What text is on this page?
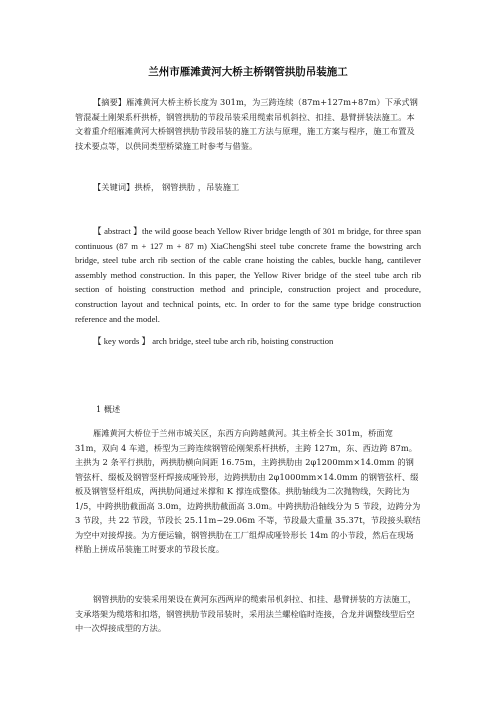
兰州市雁滩黄河大桥主桥钢管拱肋吊装施工

【摘要】雁滩黄河大桥主桥长度为 301m，为三跨连续（87m+127m+87m）下承式钢管混凝土刚架系杆拱桥，钢管拱肋的节段吊装采用缆索吊机斜拉、扣挂、悬臂拼装法施工。本文着重介绍雁滩黄河大桥钢管拱肋节段吊装的施工方法与原理，施工方案与程序，施工布置及技术要点等，以供同类型桥梁施工时参考与借鉴。

【关键词】拱桥， 钢管拱肋 ，吊装施工

【 abstract 】the wild goose beach Yellow River bridge length of 301 m bridge, for three span continuous (87 m + 127 m + 87 m) XiaChengShi steel tube concrete frame the bowstring arch bridge, steel tube arch rib section of the cable crane hoisting the cables, buckle hang, cantilever assembly method construction. In this paper, the Yellow River bridge of the steel tube arch rib section of hoisting construction method and principle, construction project and procedure, construction layout and technical points, etc. In order to for the same type bridge construction reference and the model.

【 key words 】 arch bridge, steel tube arch rib, hoisting construction

1 概述

雁滩黄河大桥位于兰州市城关区，东西方向跨越黄河。其主桥全长 301m，桥面宽 31m，双向 4 车道，桥型为三跨连续钢管砼刚架系杆拱桥，主跨 127m，东、西边跨 87m。主拱为 2 条平行拱肋，两拱肋横向间距 16.75m，主跨拱肋由 2φ1200mm×14.0mm 的钢管弦杆、缀板及钢管竖杆焊接成哑铃形，边跨拱肋由 2φ1000mm×14.0mm 的钢管弦杆、缀板及钢管竖杆组成，两拱肋间通过米撑和 K 撑连成整体。拱肋轴线为二次抛物线，矢跨比为 1/5，中跨拱肋截面高 3.0m，边跨拱肋截面高 3.0m。中跨拱肋沿轴线分为 5 节段，边跨分为 3 节段，共 22 节段，节段长 25.11m~29.06m 不等，节段最大重量 35.37t，节段接头联结为空中对接焊接。为方便运输，钢管拱肋在工厂组焊成哑铃形长 14m 的小节段，然后在现场样胎上拼成吊装施工时要求的节段长度。

钢管拱肋的安装采用架设在黄河东西两岸的缆索吊机斜拉、扣挂、悬臂拼装的方法施工，支承塔架为缆塔和扣塔，钢管拱肋节段吊装时，采用法兰螺栓临时连接，合龙并调整线型后空中一次焊接成型的方法。
